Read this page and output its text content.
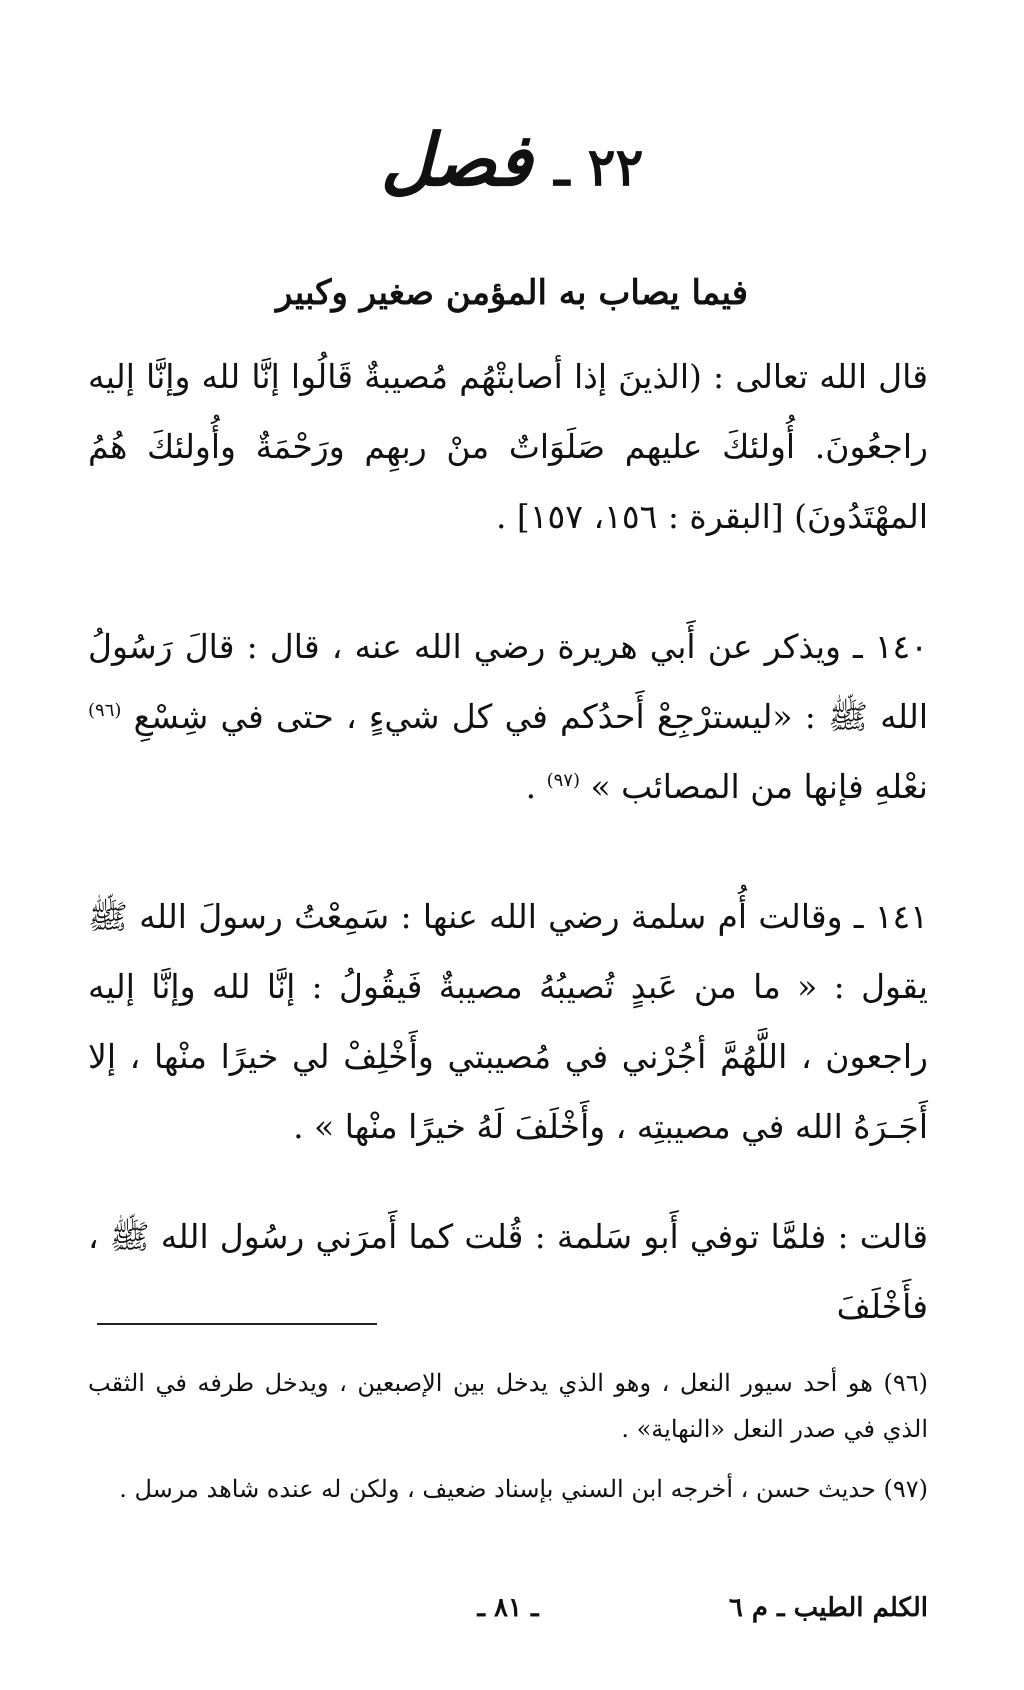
٢٢ ـ فصل
فيما يصاب به المؤمن صغير وكبير
قال الله تعالى : (الذينَ إذا أصابتْهُم مُصيبةٌ قَالُوا إنَّا لله وإنَّا إليه راجعُونَ. أُولئكَ عليهم صَلَوَاتٌ منْ ربهِم ورَحْمَةٌ وأُولئكَ هُمُ المهْتَدُونَ) [البقرة : ١٥٦، ١٥٧] .
١٤٠ ـ ويذكر عن أَبي هريرة رضي الله عنه ، قال : قالَ رَسُولُ الله ﷺ : «ليسترْجِعْ أَحدُكم في كل شيءٍ ، حتى في شِسْعِ $^{(٩٦)}$ نعْلهِ فإنها من المصائب » $^{(٩٧)}$ .
١٤١ ـ وقالت أُم سلمة رضي الله عنها : سَمِعْتُ رسولَ الله ﷺ يقول : « ما من عَبدٍ تُصيبُهُ مصيبةٌ فَيقُولُ : إنَّا لله وإنَّا إليه راجعون ، اللَّهُمَّ أجُرْني في مُصيبتي وأَخْلِفْ لي خيرًا منْها ، إلا أَجَـرَهُ الله في مصيبتِه ، وأَخْلَفَ لَهُ خيرًا منْها » .
قالت : فلمَّا توفي أَبو سَلمة : قُلت كما أَمرَني رسُول الله ﷺ ، فأَخْلَفَ

(٩٦) هو أحد سيور النعل ، وهو الذي يدخل بين الإصبعين ، ويدخل طرفه في الثقب الذي في صدر النعل «النهاية» .

(٩٧) حديث حسن ، أخرجه ابن السني بإسناد ضعيف ، ولكن له عنده شاهد مرسل .

الكلم الطيب ـ م ٦
ـ ٨١ ـ
